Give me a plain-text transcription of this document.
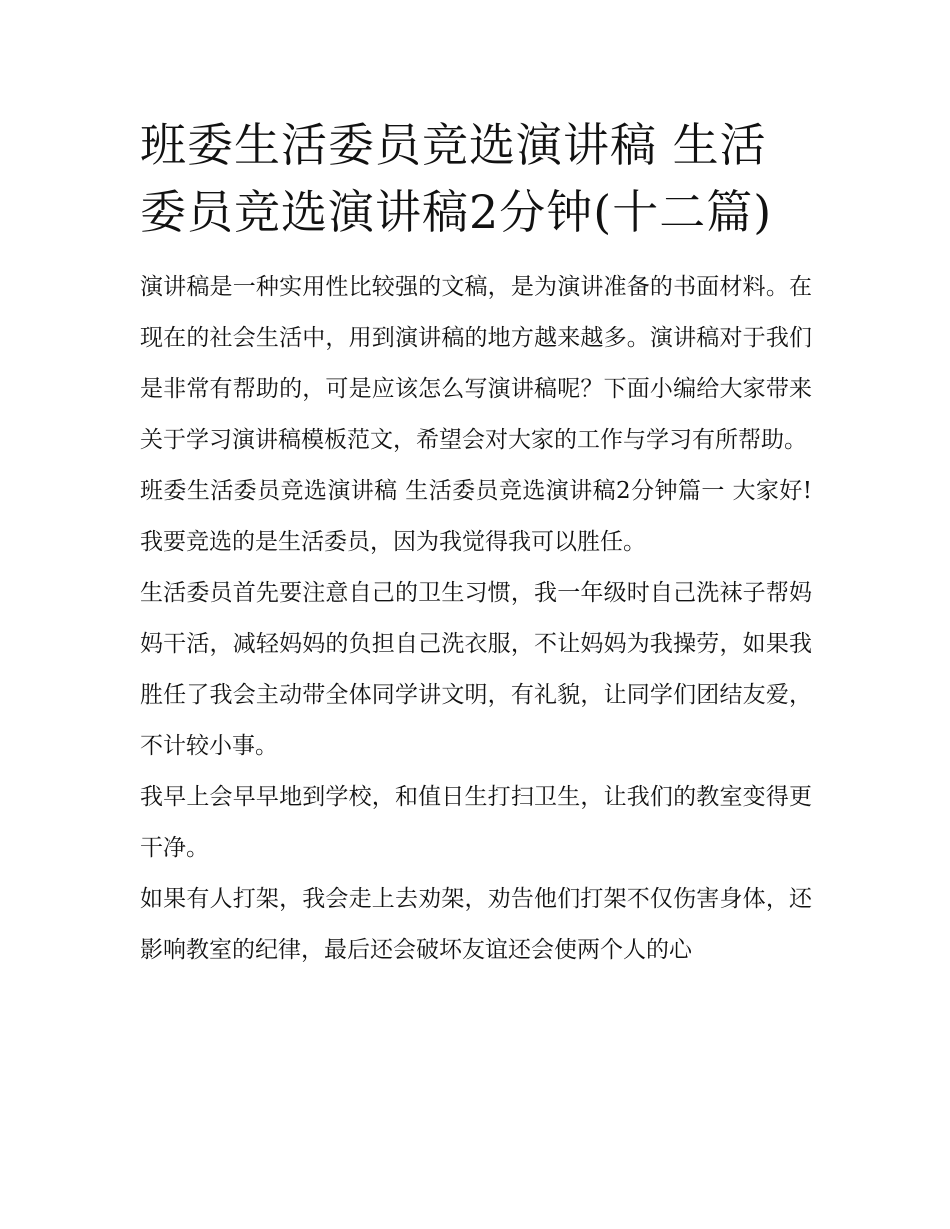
班委生活委员竞选演讲稿 生活委员竞选演讲稿2分钟(十二篇)

演讲稿是一种实用性比较强的文稿，是为演讲准备的书面材料。在现在的社会生活中，用到演讲稿的地方越来越多。演讲稿对于我们是非常有帮助的，可是应该怎么写演讲稿呢？下面小编给大家带来关于学习演讲稿模板范文，希望会对大家的工作与学习有所帮助。

班委生活委员竞选演讲稿 生活委员竞选演讲稿2分钟篇一 大家好!我要竞选的是生活委员，因为我觉得我可以胜任。

生活委员首先要注意自己的卫生习惯，我一年级时自己洗袜子帮妈妈干活，减轻妈妈的负担自己洗衣服，不让妈妈为我操劳，如果我胜任了我会主动带全体同学讲文明，有礼貌，让同学们团结友爱，不计较小事。

我早上会早早地到学校，和值日生打扫卫生，让我们的教室变得更干净。

如果有人打架，我会走上去劝架，劝告他们打架不仅伤害身体，还影响教室的纪律，最后还会破坏友谊还会使两个人的心
